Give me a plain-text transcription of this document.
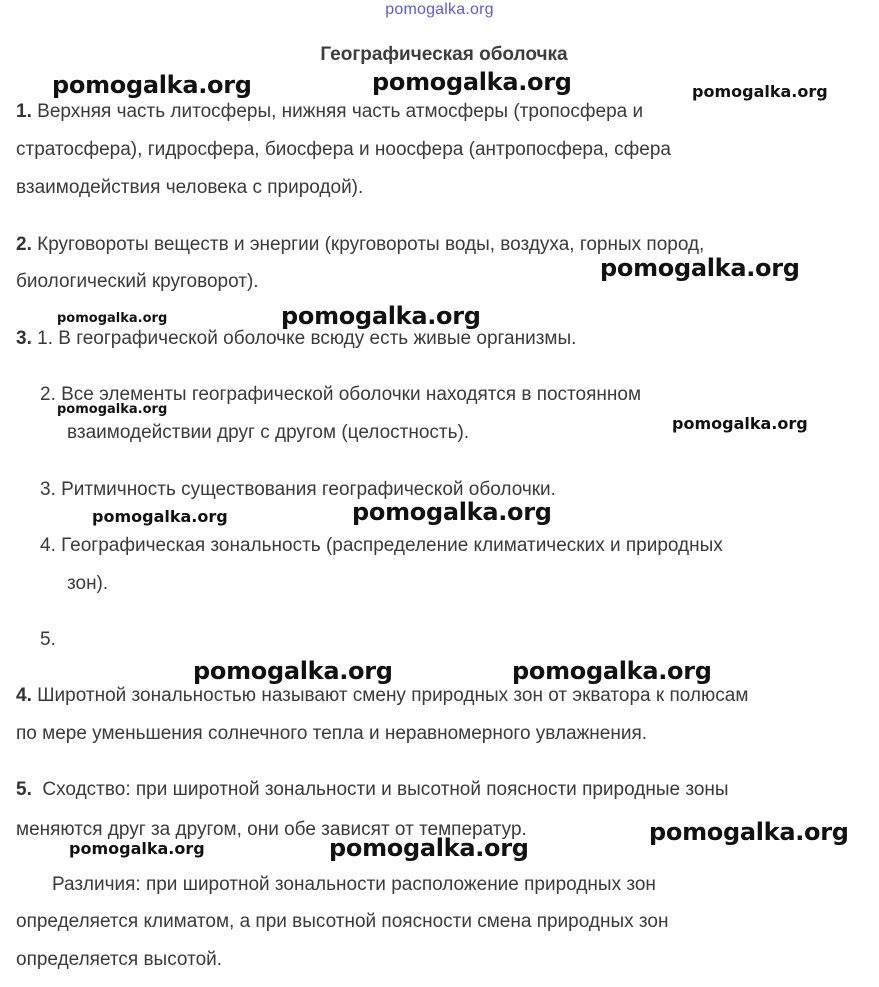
pomogalka.org
Географическая оболочка
1. Верхняя часть литосферы, нижняя часть атмосферы (тропосфера и
стратосфера), гидросфера, биосфера и ноосфера (антропосфера, сфера
взаимодействия человека с природой).
2. Круговороты веществ и энергии (круговороты воды, воздуха, горных пород,
биологический круговорот).
3. 1. В географической оболочке всюду есть живые организмы.
2. Все элементы географической оболочки находятся в постоянном
взаимодействии друг с другом (целостность).
3. Ритмичность существования географической оболочки.
4. Географическая зональность (распределение климатических и природных
зон).
5.
4. Широтной зональностью называют смену природных зон от экватора к полюсам
по мере уменьшения солнечного тепла и неравномерного увлажнения.
5. Сходство: при широтной зональности и высотной поясности природные зоны
меняются друг за другом, они обе зависят от температур.
Различия: при широтной зональности расположение природных зон
определяется климатом, а при высотной поясности смена природных зон
определяется высотой.
pomogalka.org	pomogalka.org	pomogalka.org
pomogalka.org
pomogalka.org	pomogalka.org
pomogalka.org
pomogalka.org
pomogalka.org	pomogalka.org
pomogalka.org	pomogalka.org
pomogalka.org
pomogalka.org	pomogalka.org
